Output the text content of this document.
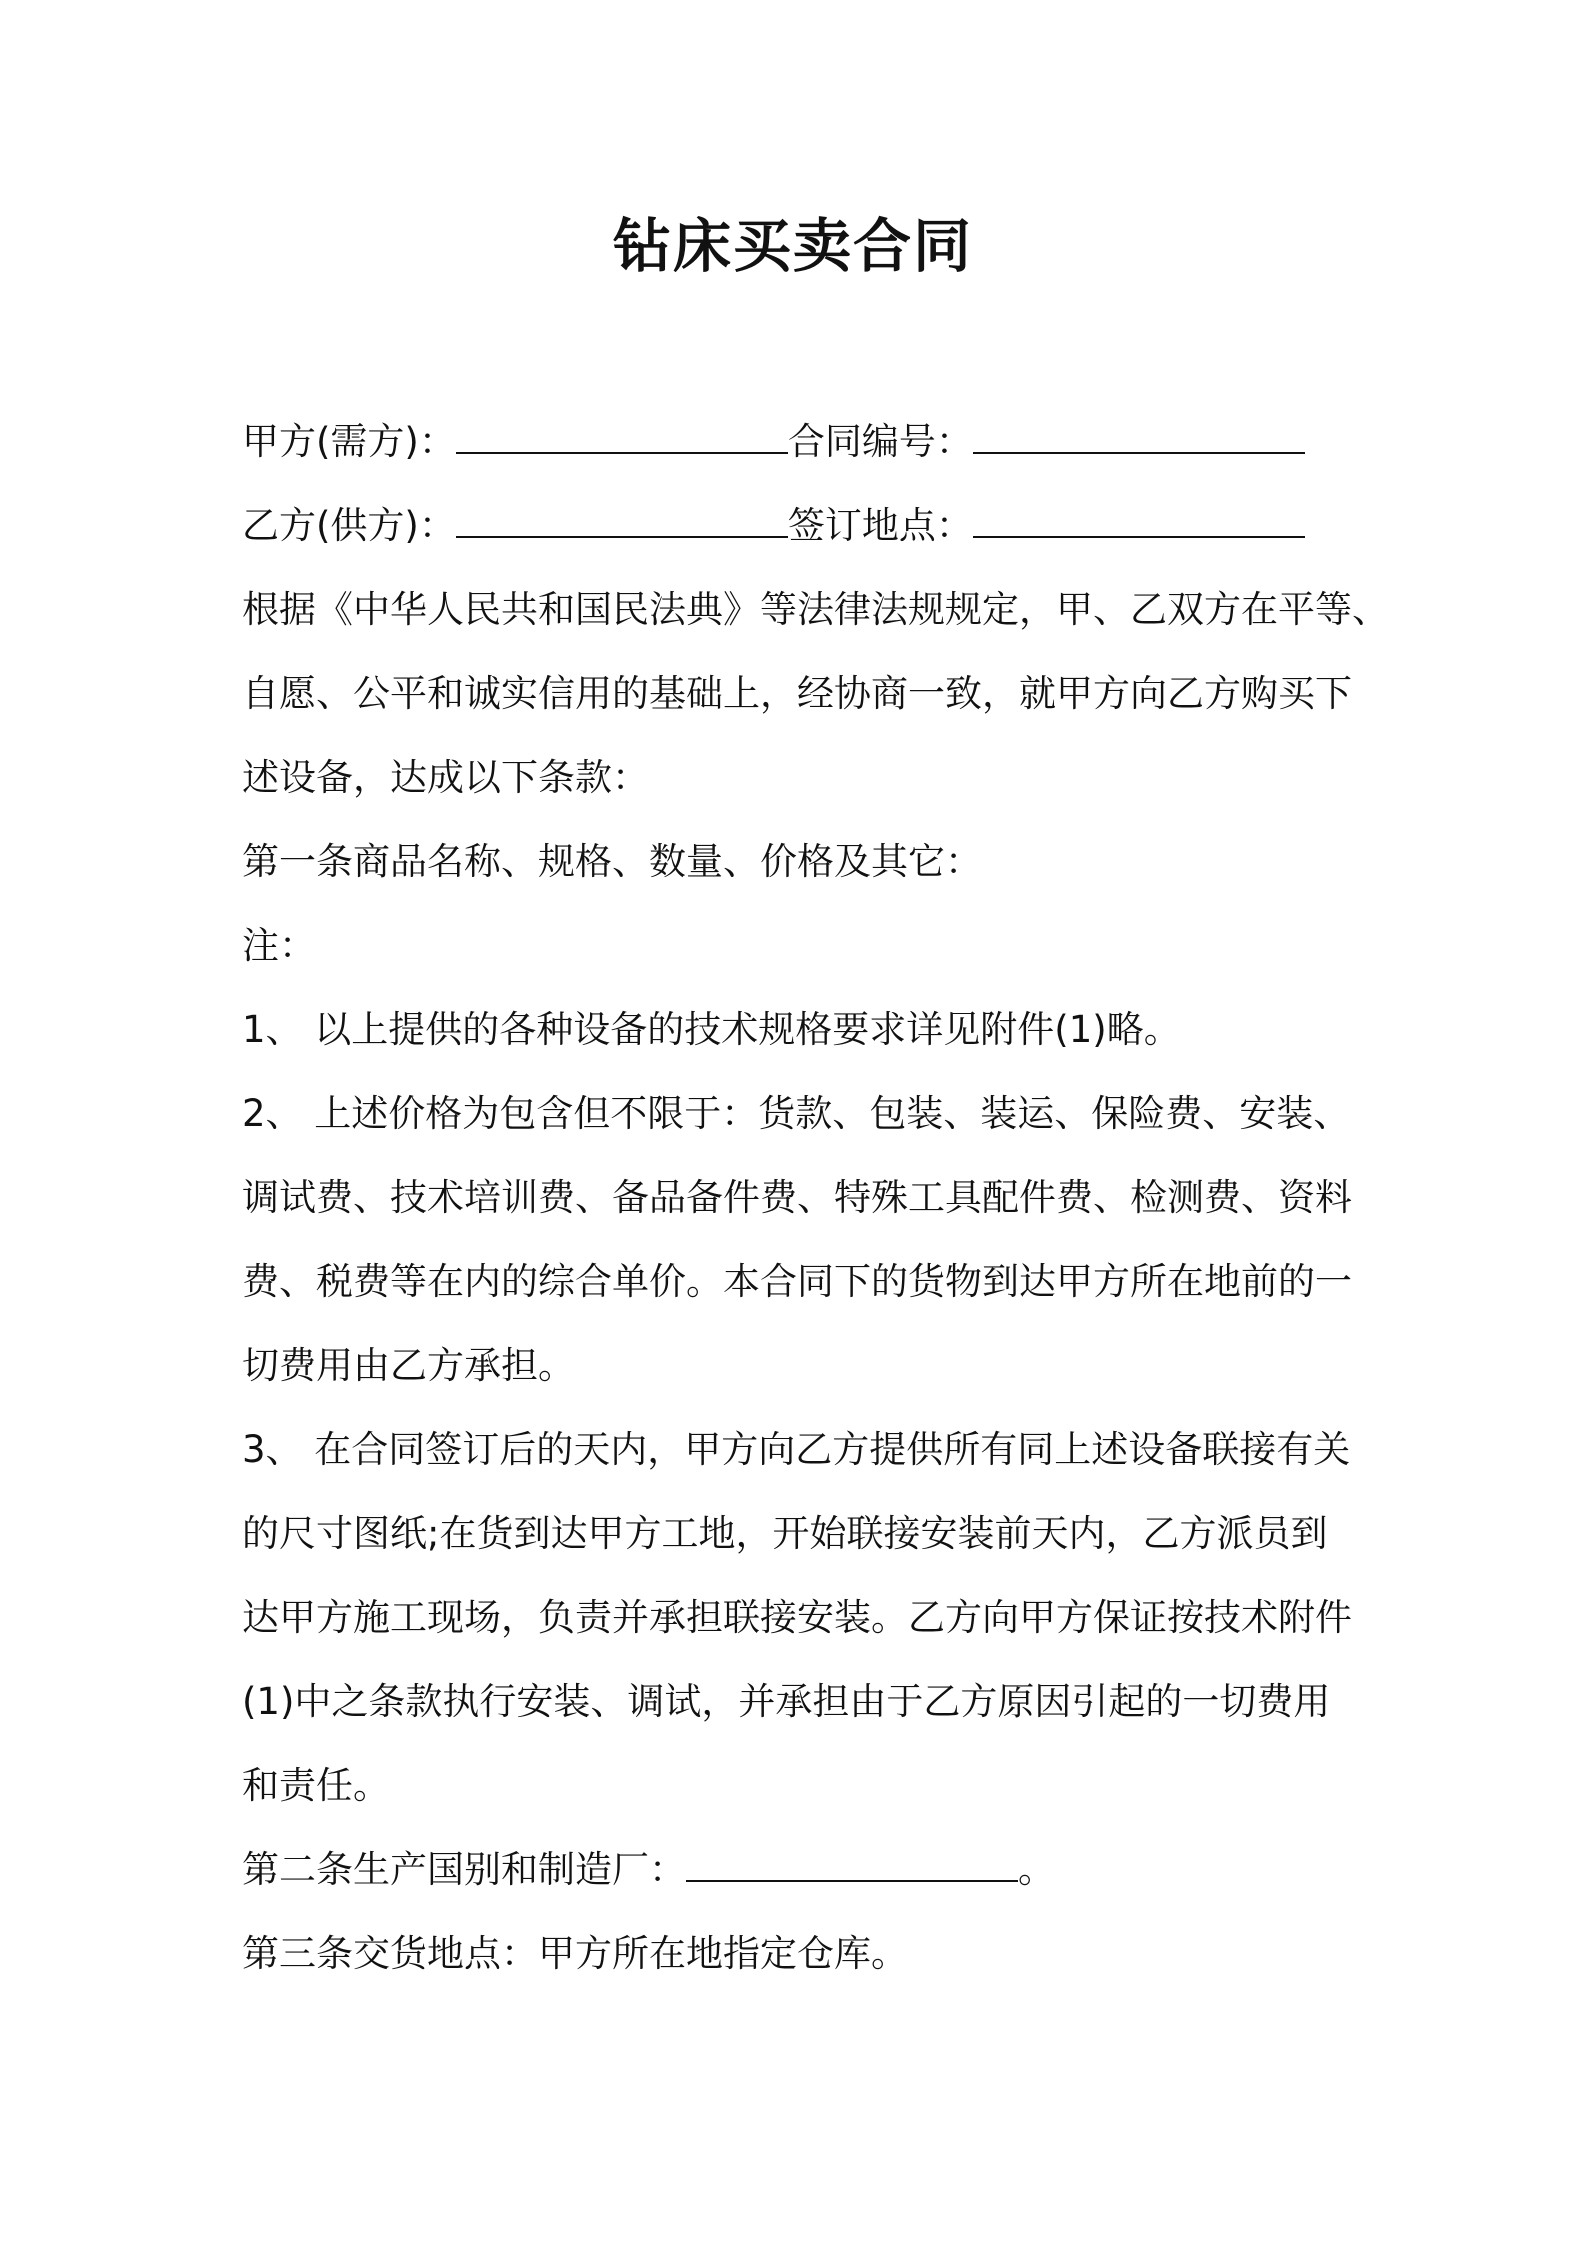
钻床买卖合同
甲方(需方)：	合同编号：
乙方(供方)：	签订地点：
根据《中华人民共和国民法典》等法律法规规定，甲、乙双方在平等、
自愿、公平和诚实信用的基础上，经协商一致，就甲方向乙方购买下
述设备，达成以下条款：
第一条商品名称、规格、数量、价格及其它：
注：
1、 以上提供的各种设备的技术规格要求详见附件(1)略。
2、 上述价格为包含但不限于：货款、包装、装运、保险费、安装、
调试费、技术培训费、备品备件费、特殊工具配件费、检测费、资料
费、税费等在内的综合单价。本合同下的货物到达甲方所在地前的一
切费用由乙方承担。
3、 在合同签订后的天内，甲方向乙方提供所有同上述设备联接有关
的尺寸图纸;在货到达甲方工地，开始联接安装前天内，乙方派员到
达甲方施工现场，负责并承担联接安装。乙方向甲方保证按技术附件
(1)中之条款执行安装、调试，并承担由于乙方原因引起的一切费用
和责任。
第二条生产国别和制造厂：	。
第三条交货地点：甲方所在地指定仓库。
